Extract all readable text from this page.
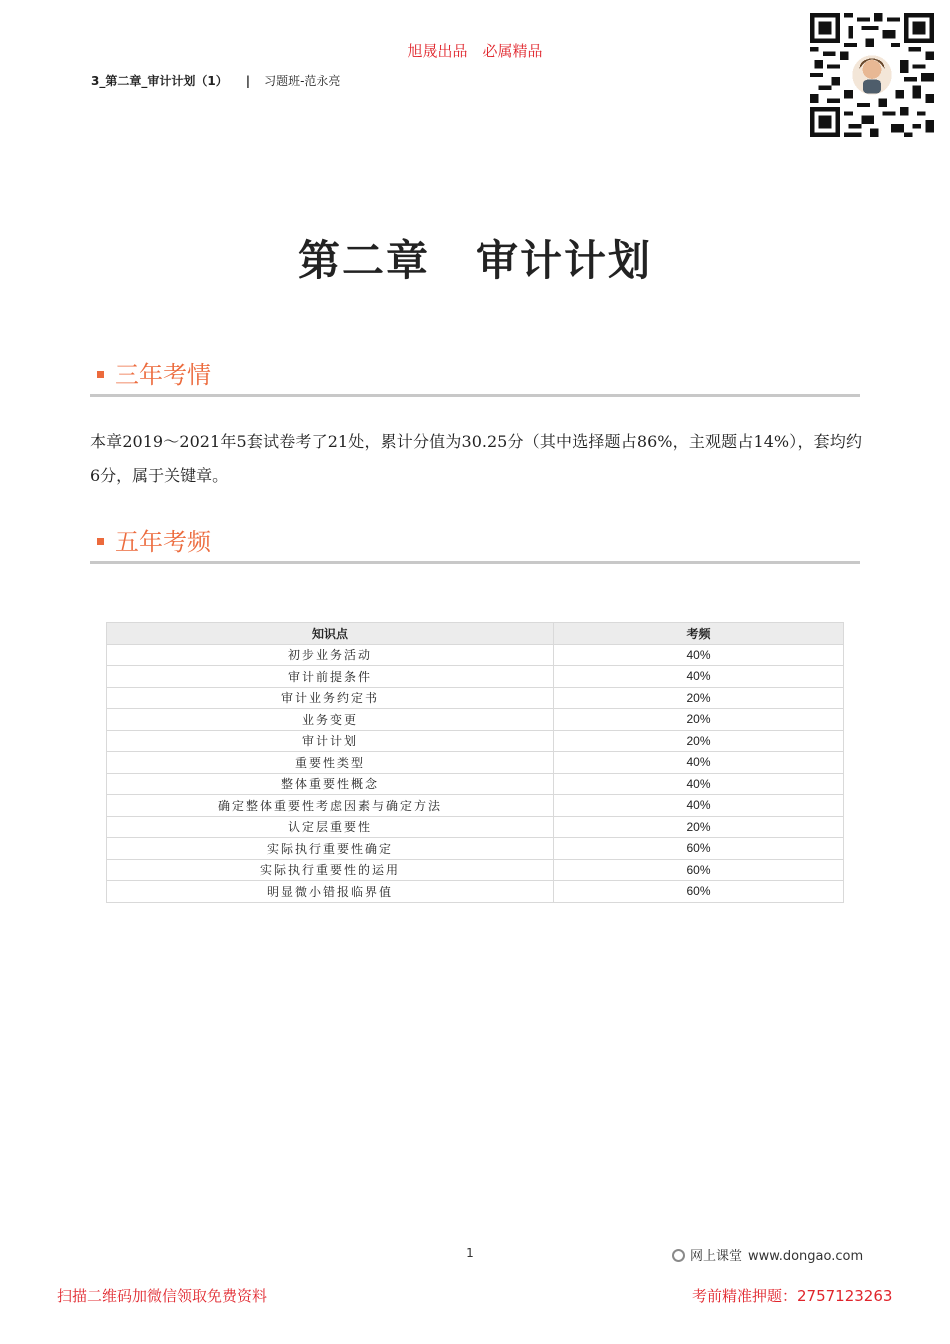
旭晟出品　必属精品
3_第二章_审计计划（1） | 习题班-范永亮
第二章 审计计划
三年考情
本章2019～2021年5套试卷考了21处，累计分值为30.25分（其中选择题占86%，主观题占14%），套均约6分，属于关键章。
五年考频
知识点	考频
初步业务活动	40%
审计前提条件	40%
审计业务约定书	20%
业务变更	20%
审计计划	20%
重要性类型	40%
整体重要性概念	40%
确定整体重要性考虑因素与确定方法	40%
认定层重要性	20%
实际执行重要性确定	60%
实际执行重要性的运用	60%
明显微小错报临界值	60%
1	网上课堂 www.dongao.com
扫描二维码加微信领取免费资料	考前精准押题：2757123263
